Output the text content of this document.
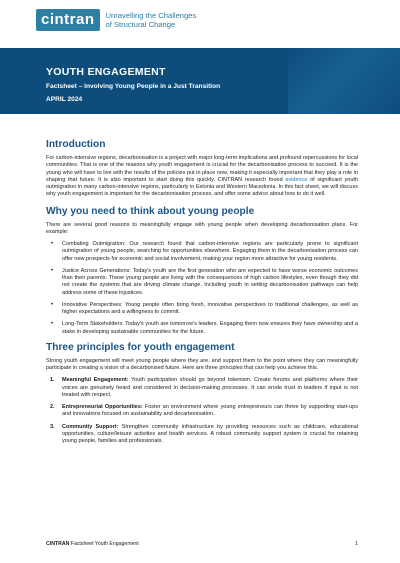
cintran	Unravelling the Challenges
of Structural Change
YOUTH ENGAGEMENT
Factsheet – Involving Young People in a Just Transition
APRIL 2024
Introduction

For carbon-intensive regions, decarbonisation is a project with major long-term implications and profound repercussions for local communities. That is one of the reasons why youth engagement is crucial for the decarbonisation process to succeed. It is the young who will have to live with the results of the policies put in place now, making it especially important that they play a role in shaping that future. It is also important to start doing this quickly. CINTRAN research found evidence of significant youth outmigration in many carbon-intensive regions, particularly in Estonia and Western Macedonia. In this fact sheet, we will discuss why youth engagement is important for the decarbonisation process, and offer some advice about how to do it well.

Why you need to think about young people

There are several good reasons to meaningfully engage with young people when developing decarbonisation plans. For example:

• Combating Outmigration: Our research found that carbon-intensive regions are particularly prone to significant outmigration of young people, searching for opportunities elsewhere. Engaging them in the decarbonisation process can offer new prospects for economic and social involvement, making your region more attractive for young residents.
• Justice Across Generations: Today's youth are the first generation who are expected to have worse economic outcomes than their parents. These young people are living with the consequences of high carbon lifestyles, even though they did not create the systems that are driving climate change. Including youth in setting decarbonisation pathways can help address some of these injustices.
• Innovative Perspectives: Young people often bring fresh, innovative perspectives to traditional challenges, as well as higher expectations and a willingness to commit.
• Long-Term Stakeholders: Today's youth are tomorrow's leaders. Engaging them now ensures they have ownership and a stake in developing sustainable communities for the future.
Three principles for youth engagement

Strong youth engagement will meet young people where they are, and support them to the point where they can meaningfully participate in creating a vision of a decarbonised future. Here are three principles that can help you achieve this.

1. Meaningful Engagement: Youth participation should go beyond tokenism. Create forums and platforms where their voices are genuinely heard and considered in decision-making processes. It can erode trust in leaders if input is not treated with respect.
2. Entrepreneurial Opportunities: Foster an environment where young entrepreneurs can thrive by supporting start-ups and innovations focused on sustainability and decarbonisation.
3. Community Support: Strengthen community infrastructure by providing resources such as childcare, educational opportunities, culture/leisure activities and health services. A robust community support system is crucial for retaining young people, families and professionals.
CINTRAN Factsheet Youth Engagement	1
